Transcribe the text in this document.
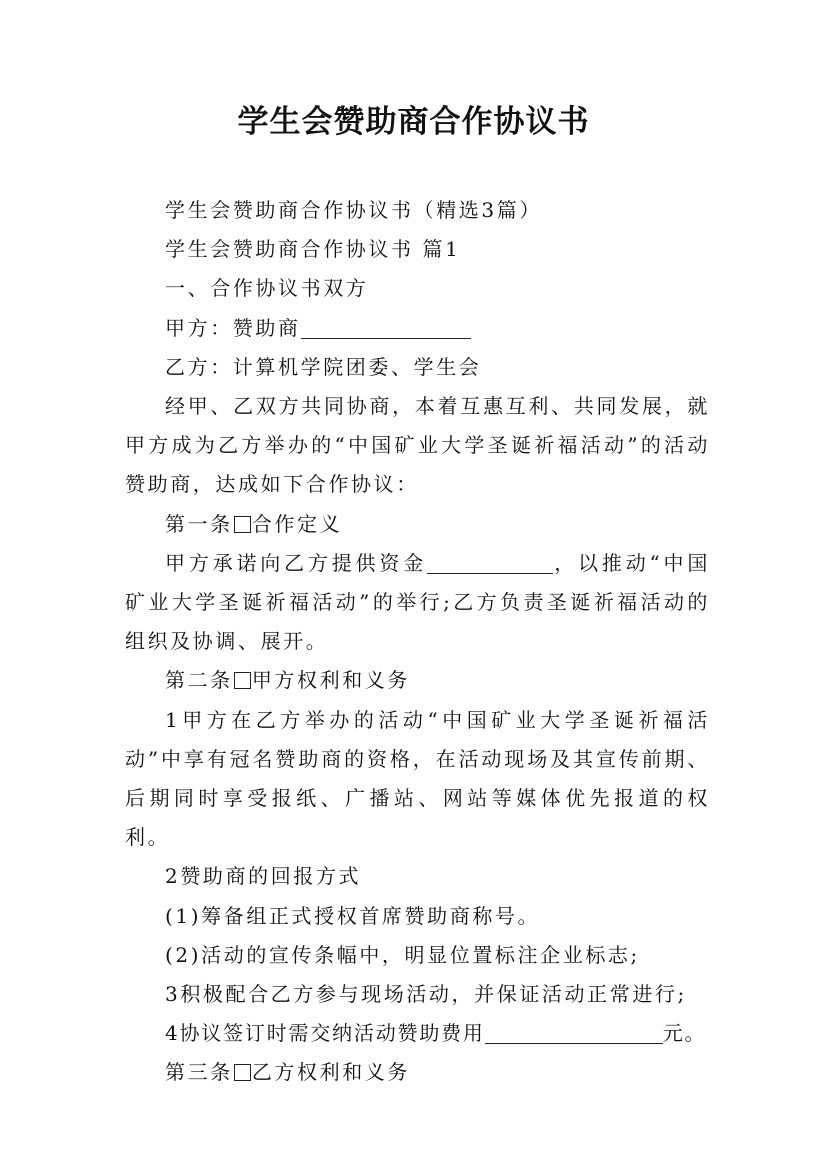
学生会赞助商合作协议书

学生会赞助商合作协议书（精选3篇）

学生会赞助商合作协议书 篇1

一、合作协议书双方

甲方：赞助商

乙方：计算机学院团委、学生会

经甲、乙双方共同协商，本着互惠互利、共同发展，就甲方成为乙方举办的“中国矿业大学圣诞祈福活动”的活动赞助商，达成如下合作协议：

第一条 合作定义

甲方承诺向乙方提供资金	，以推动“中国矿业大学圣诞祈福活动”的举行;乙方负责圣诞祈福活动的组织及协调、展开。

第二条 甲方权利和义务

1甲方在乙方举办的活动“中国矿业大学圣诞祈福活动”中享有冠名赞助商的资格，在活动现场及其宣传前期、后期同时享受报纸、广播站、网站等媒体优先报道的权利。

2赞助商的回报方式

(1)筹备组正式授权首席赞助商称号。

(2)活动的宣传条幅中，明显位置标注企业标志;

3积极配合乙方参与现场活动，并保证活动正常进行;

4协议签订时需交纳活动赞助费用	元。

第三条 乙方权利和义务
